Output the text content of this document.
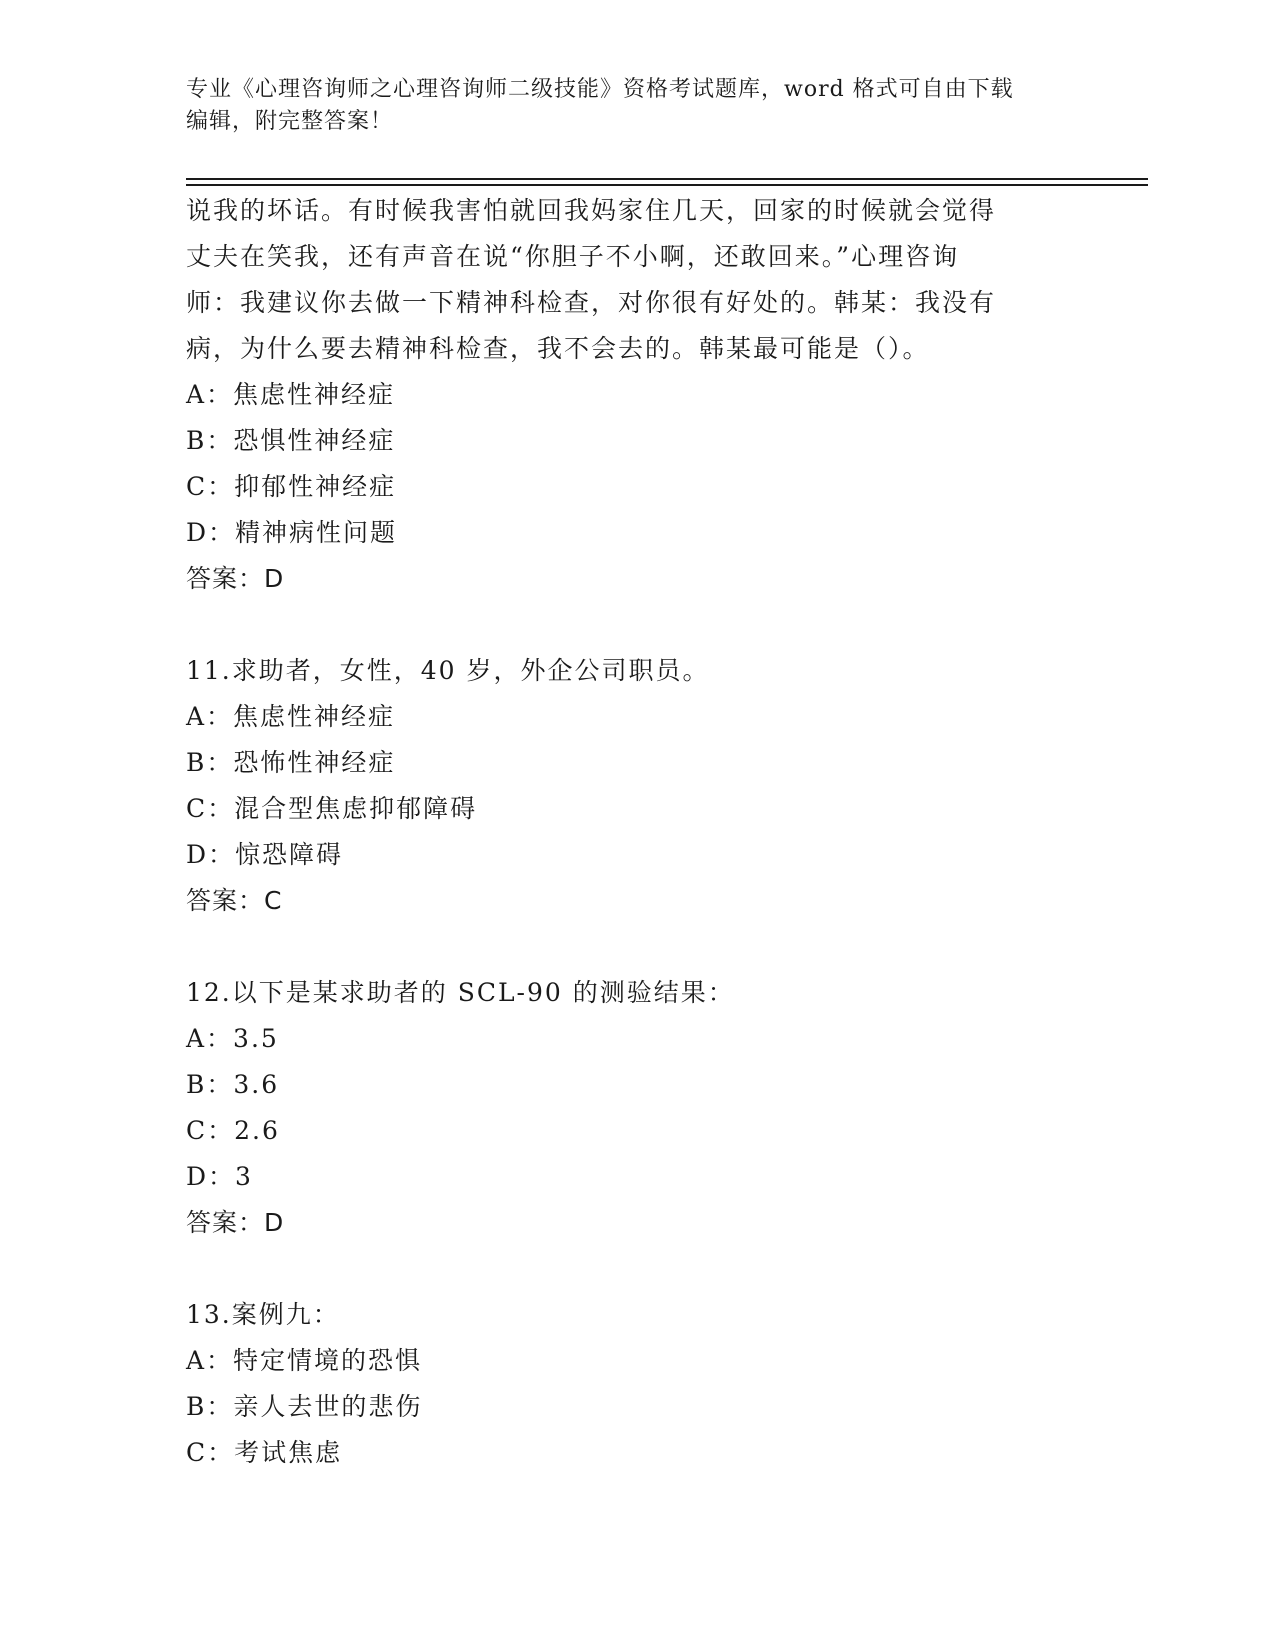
专业《心理咨询师之心理咨询师二级技能》资格考试题库，word 格式可自由下载
编辑，附完整答案！
说我的坏话。有时候我害怕就回我妈家住几天，回家的时候就会觉得
丈夫在笑我，还有声音在说“你胆子不小啊，还敢回来。”心理咨询
师：我建议你去做一下精神科检查，对你很有好处的。韩某：我没有
病，为什么要去精神科检查，我不会去的。韩某最可能是（）。
A：焦虑性神经症
B：恐惧性神经症
C：抑郁性神经症
D：精神病性问题
答案：D
11.求助者，女性，40 岁，外企公司职员。
A：焦虑性神经症
B：恐怖性神经症
C：混合型焦虑抑郁障碍
D：惊恐障碍
答案：C
12.以下是某求助者的 SCL-90 的测验结果：
A：3.5
B：3.6
C：2.6
D：3
答案：D
13.案例九：
A：特定情境的恐惧
B：亲人去世的悲伤
C：考试焦虑
